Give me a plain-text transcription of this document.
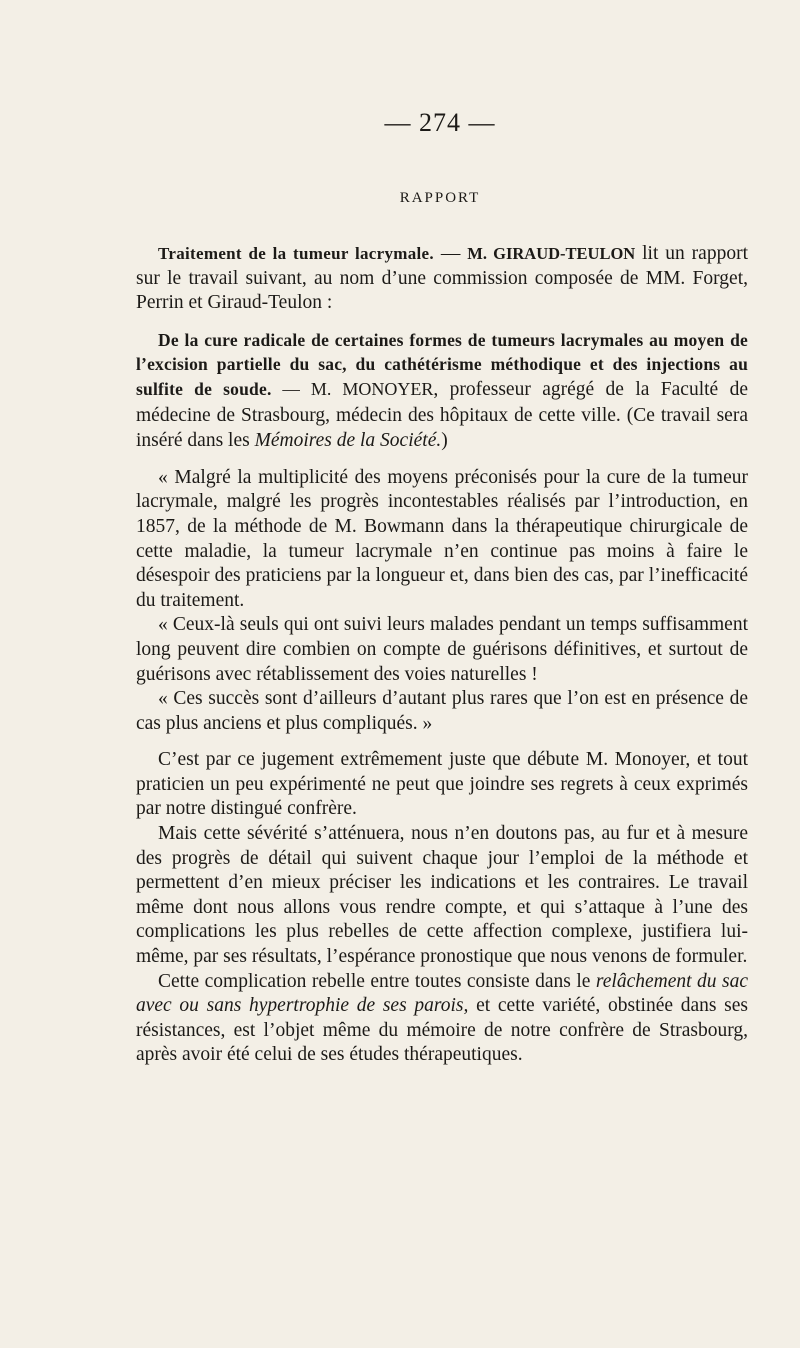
— 274 —
RAPPORT

Traitement de la tumeur lacrymale. — M. GIRAUD-TEULON lit un rapport sur le travail suivant, au nom d’une commission composée de MM. Forget, Perrin et Giraud-Teulon :

De la cure radicale de certaines formes de tumeurs lacrymales au moyen de l’excision partielle du sac, du cathétérisme méthodique et des injections au sulfite de soude. — M. MONOYER, professeur agrégé de la Faculté de médecine de Strasbourg, médecin des hôpitaux de cette ville. (Ce travail sera inséré dans les Mémoires de la Société.)

« Malgré la multiplicité des moyens préconisés pour la cure de la tumeur lacrymale, malgré les progrès incontestables réalisés par l’introduction, en 1857, de la méthode de M. Bowmann dans la thérapeutique chirurgicale de cette maladie, la tumeur lacrymale n’en continue pas moins à faire le désespoir des praticiens par la longueur et, dans bien des cas, par l’inefficacité du traitement.

« Ceux-là seuls qui ont suivi leurs malades pendant un temps suffisamment long peuvent dire combien on compte de guérisons définitives, et surtout de guérisons avec rétablissement des voies naturelles !

« Ces succès sont d’ailleurs d’autant plus rares que l’on est en présence de cas plus anciens et plus compliqués. »

C’est par ce jugement extrêmement juste que débute M. Monoyer, et tout praticien un peu expérimenté ne peut que joindre ses regrets à ceux exprimés par notre distingué confrère.

Mais cette sévérité s’atténuera, nous n’en doutons pas, au fur et à mesure des progrès de détail qui suivent chaque jour l’emploi de la méthode et permettent d’en mieux préciser les indications et les contraires. Le travail même dont nous allons vous rendre compte, et qui s’attaque à l’une des complications les plus rebelles de cette affection complexe, justifiera lui-même, par ses résultats, l’espérance pronostique que nous venons de formuler.

Cette complication rebelle entre toutes consiste dans le relâchement du sac avec ou sans hypertrophie de ses parois, et cette variété, obstinée dans ses résistances, est l’objet même du mémoire de notre confrère de Strasbourg, après avoir été celui de ses études thérapeutiques.
